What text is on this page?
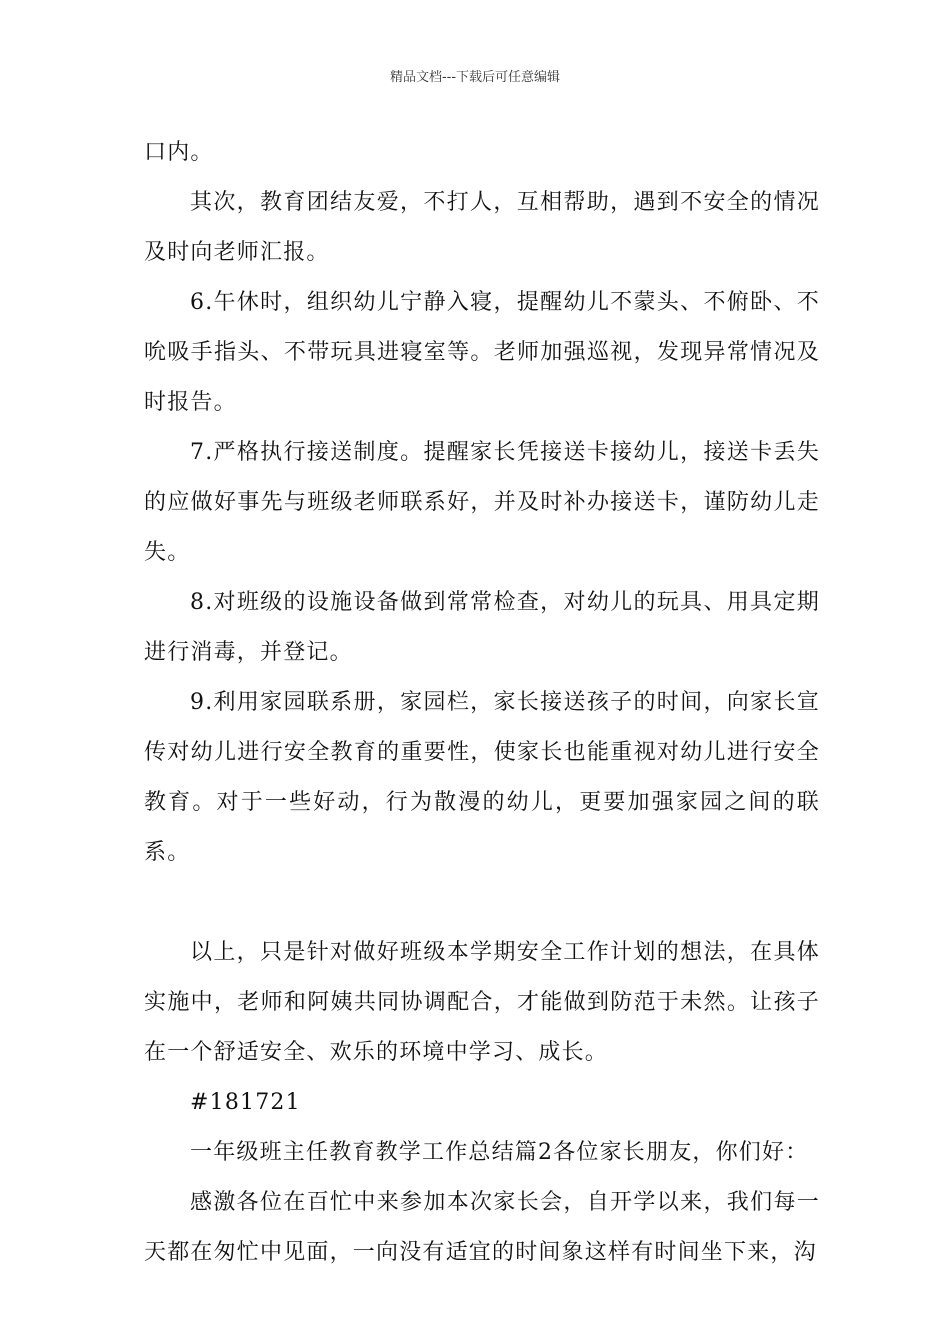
精品文档---下载后可任意编辑

口内。

其次，教育团结友爱，不打人，互相帮助，遇到不安全的情况及时向老师汇报。

6.午休时，组织幼儿宁静入寝，提醒幼儿不蒙头、不俯卧、不吮吸手指头、不带玩具进寝室等。老师加强巡视，发现异常情况及时报告。

7.严格执行接送制度。提醒家长凭接送卡接幼儿，接送卡丢失的应做好事先与班级老师联系好，并及时补办接送卡，谨防幼儿走失。

8.对班级的设施设备做到常常检查，对幼儿的玩具、用具定期进行消毒，并登记。

9.利用家园联系册，家园栏，家长接送孩子的时间，向家长宣传对幼儿进行安全教育的重要性，使家长也能重视对幼儿进行安全教育。对于一些好动，行为散漫的幼儿，更要加强家园之间的联系。

以上，只是针对做好班级本学期安全工作计划的想法，在具体实施中，老师和阿姨共同协调配合，才能做到防范于未然。让孩子在一个舒适安全、欢乐的环境中学习、成长。

#181721

一年级班主任教育教学工作总结篇2各位家长朋友，你们好：

感激各位在百忙中来参加本次家长会，自开学以来，我们每一天都在匆忙中见面，一向没有适宜的时间象这样有时间坐下来，沟
